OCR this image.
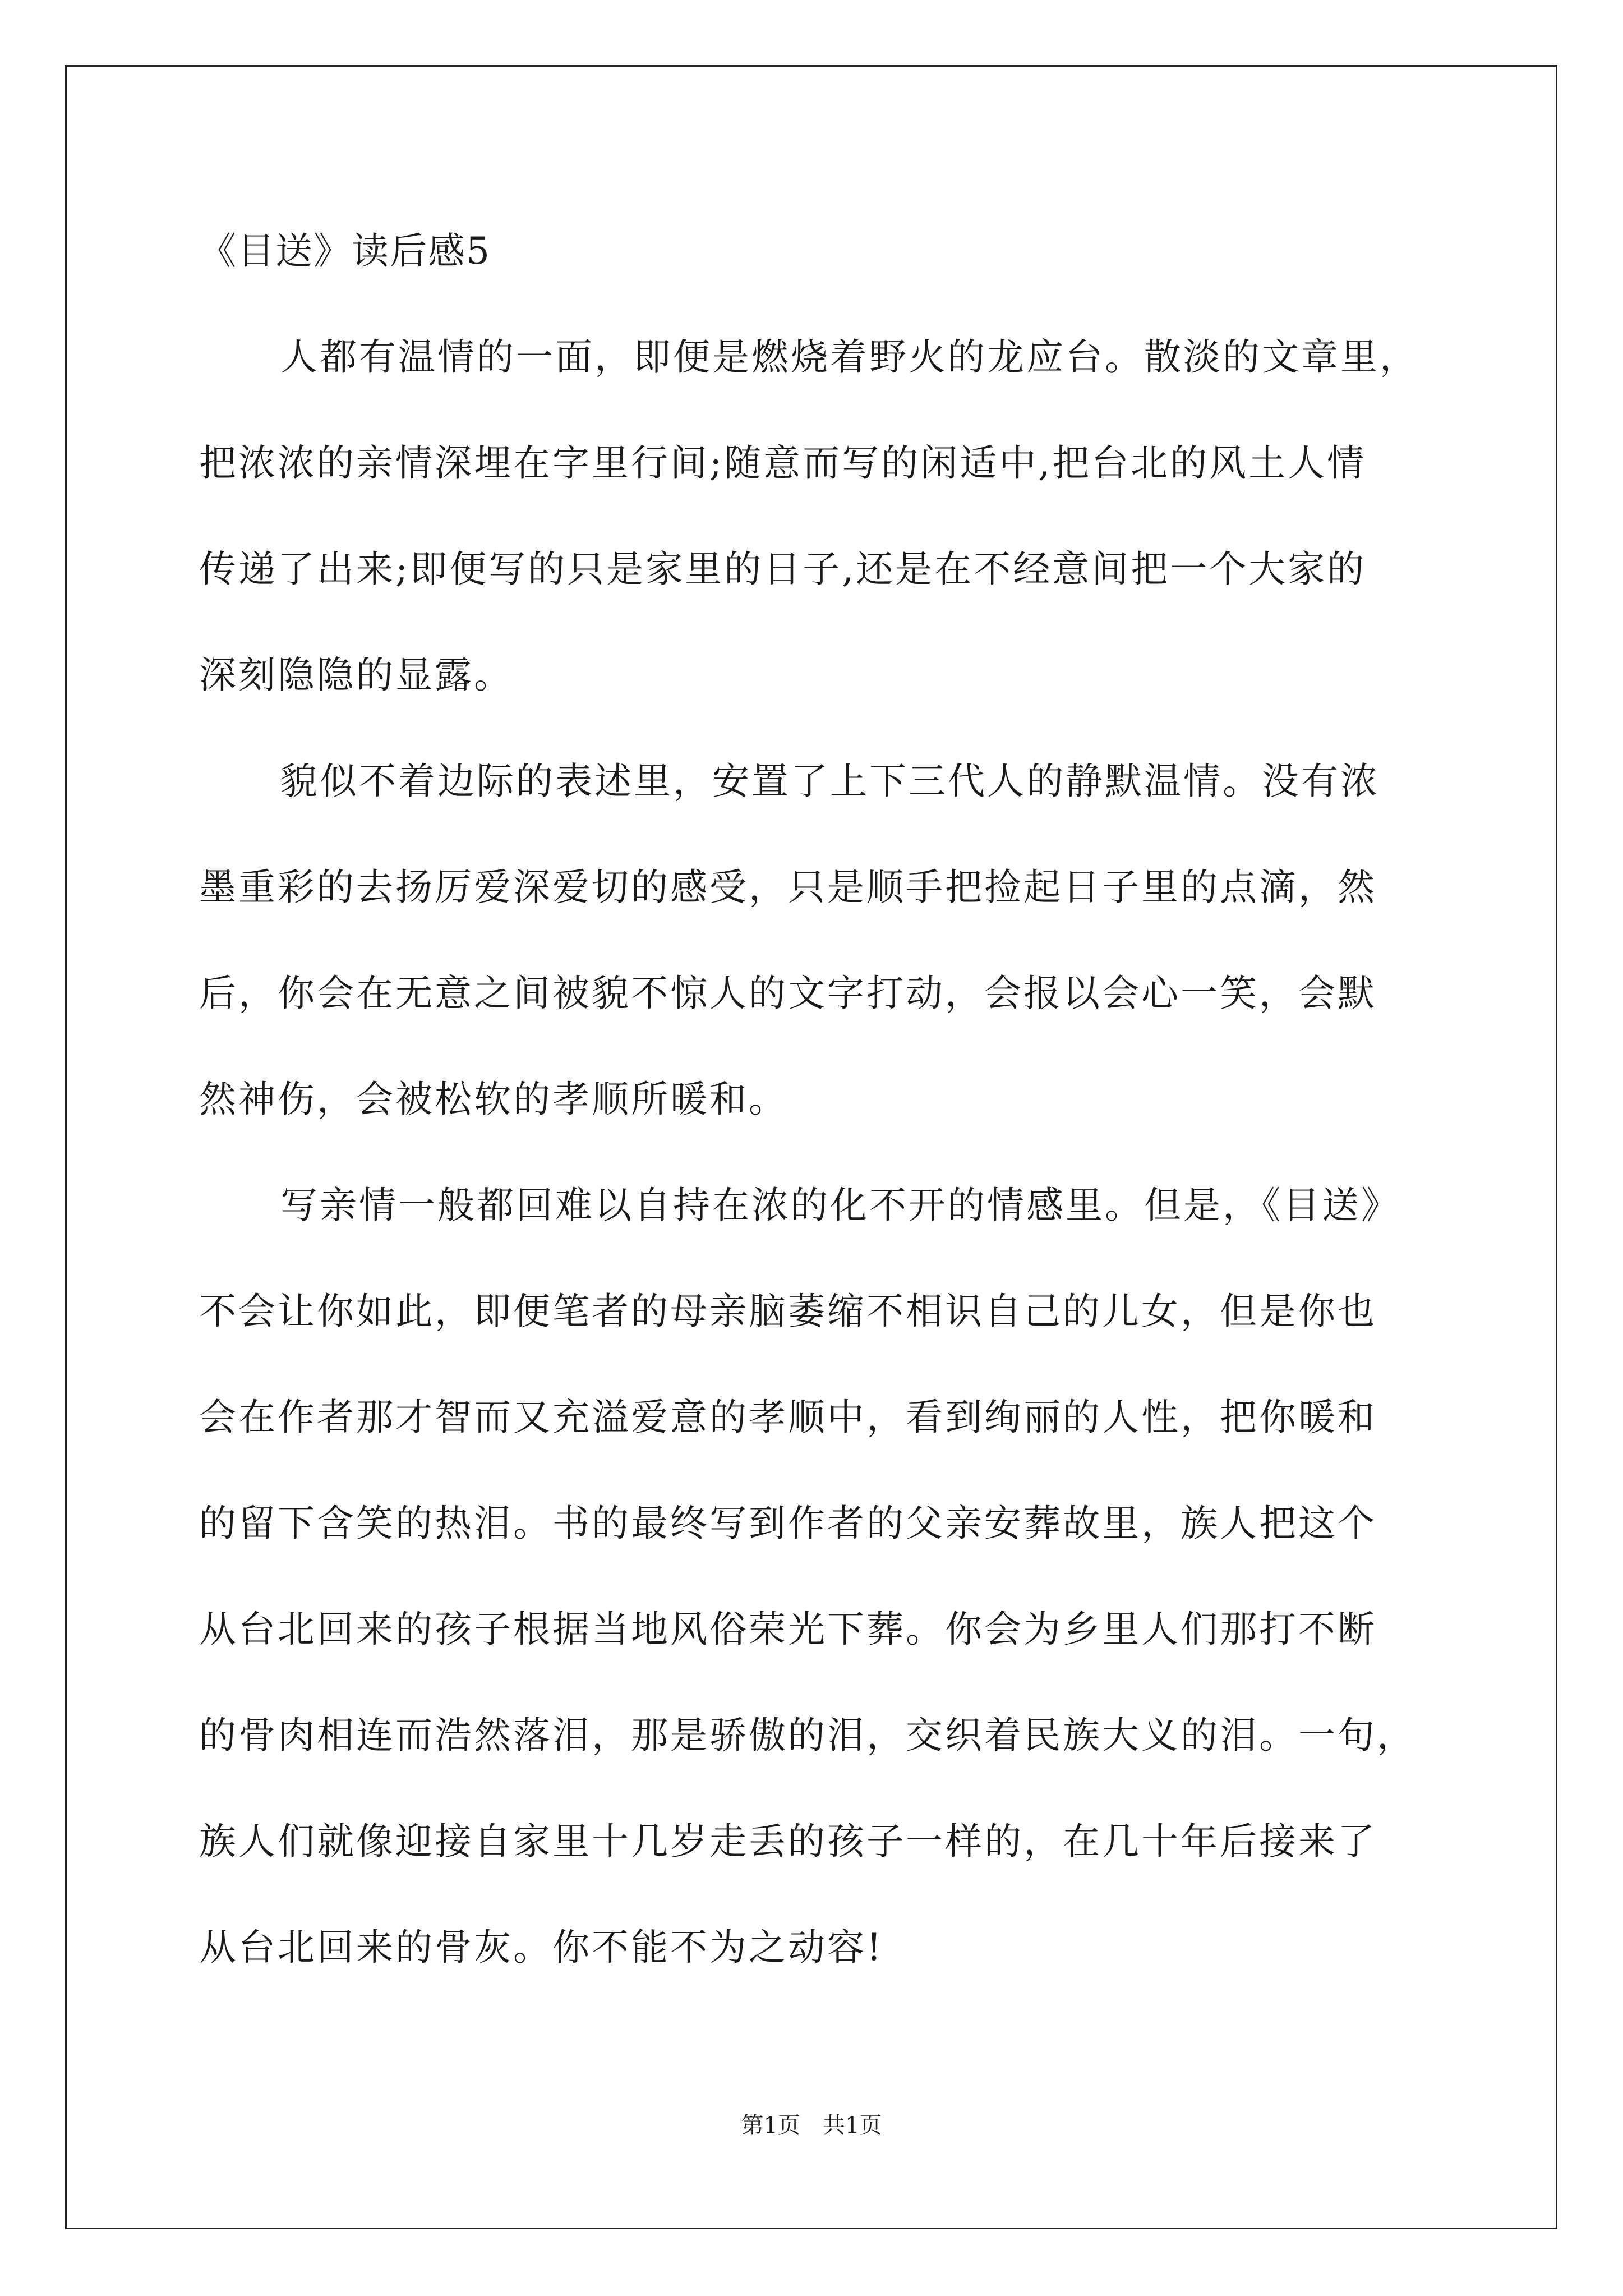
《目送》读后感5
人都有温情的一面，即便是燃烧着野火的龙应台。散淡的文章里，
把浓浓的亲情深埋在字里行间;随意而写的闲适中,把台北的风土人情
传递了出来;即便写的只是家里的日子,还是在不经意间把一个大家的
深刻隐隐的显露。
貌似不着边际的表述里，安置了上下三代人的静默温情。没有浓
墨重彩的去扬厉爱深爱切的感受，只是顺手把捡起日子里的点滴，然
后，你会在无意之间被貌不惊人的文字打动，会报以会心一笑，会默
然神伤，会被松软的孝顺所暖和。
写亲情一般都回难以自持在浓的化不开的情感里。但是，《目送》
不会让你如此，即便笔者的母亲脑萎缩不相识自己的儿女，但是你也
会在作者那才智而又充溢爱意的孝顺中，看到绚丽的人性，把你暖和
的留下含笑的热泪。书的最终写到作者的父亲安葬故里，族人把这个
从台北回来的孩子根据当地风俗荣光下葬。你会为乡里人们那打不断
的骨肉相连而浩然落泪，那是骄傲的泪，交织着民族大义的泪。一句，
族人们就像迎接自家里十几岁走丢的孩子一样的，在几十年后接来了
从台北回来的骨灰。你不能不为之动容!
第1页　共1页
